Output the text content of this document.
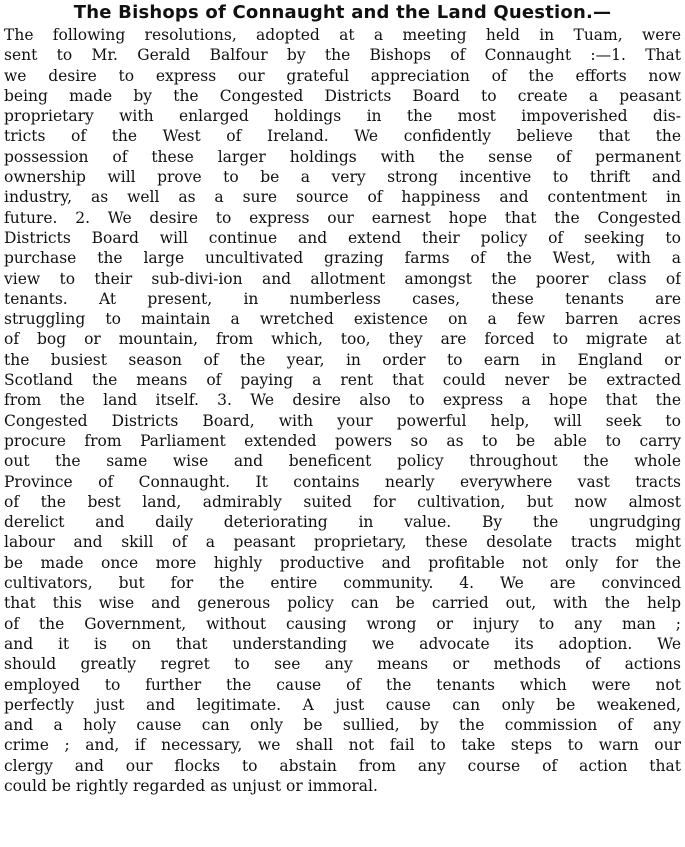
The Bishops of Connaught and the Land Question.—
The following resolutions, adopted at a meeting held in Tuam, were
sent to Mr. Gerald Balfour by the Bishops of Connaught :—1. That
we desire to express our grateful appreciation of the efforts now
being made by the Congested Districts Board to create a peasant
proprietary with enlarged holdings in the most impoverished dis-
tricts of the West of Ireland. We confidently believe that the
possession of these larger holdings with the sense of permanent
ownership will prove to be a very strong incentive to thrift and
industry, as well as a sure source of happiness and contentment in
future. 2. We desire to express our earnest hope that the Congested
Districts Board will continue and extend their policy of seeking to
purchase the large uncultivated grazing farms of the West, with a
view to their sub-divi-ion and allotment amongst the poorer class of
tenants. At present, in numberless cases, these tenants are
struggling to maintain a wretched existence on a few barren acres
of bog or mountain, from which, too, they are forced to migrate at
the busiest season of the year, in order to earn in England or
Scotland the means of paying a rent that could never be extracted
from the land itself. 3. We desire also to express a hope that the
Congested Districts Board, with your powerful help, will seek to
procure from Parliament extended powers so as to be able to carry
out the same wise and beneficent policy throughout the whole
Province of Connaught. It contains nearly everywhere vast tracts
of the best land, admirably suited for cultivation, but now almost
derelict and daily deteriorating in value. By the ungrudging
labour and skill of a peasant proprietary, these desolate tracts might
be made once more highly productive and profitable not only for the
cultivators, but for the entire community. 4. We are convinced
that this wise and generous policy can be carried out, with the help
of the Government, without causing wrong or injury to any man ;
and it is on that understanding we advocate its adoption. We
should greatly regret to see any means or methods of actions
employed to further the cause of the tenants which were not
perfectly just and legitimate. A just cause can only be weakened,
and a holy cause can only be sullied, by the commission of any
crime ; and, if necessary, we shall not fail to take steps to warn our
clergy and our flocks to abstain from any course of action that
could be rightly regarded as unjust or immoral.
